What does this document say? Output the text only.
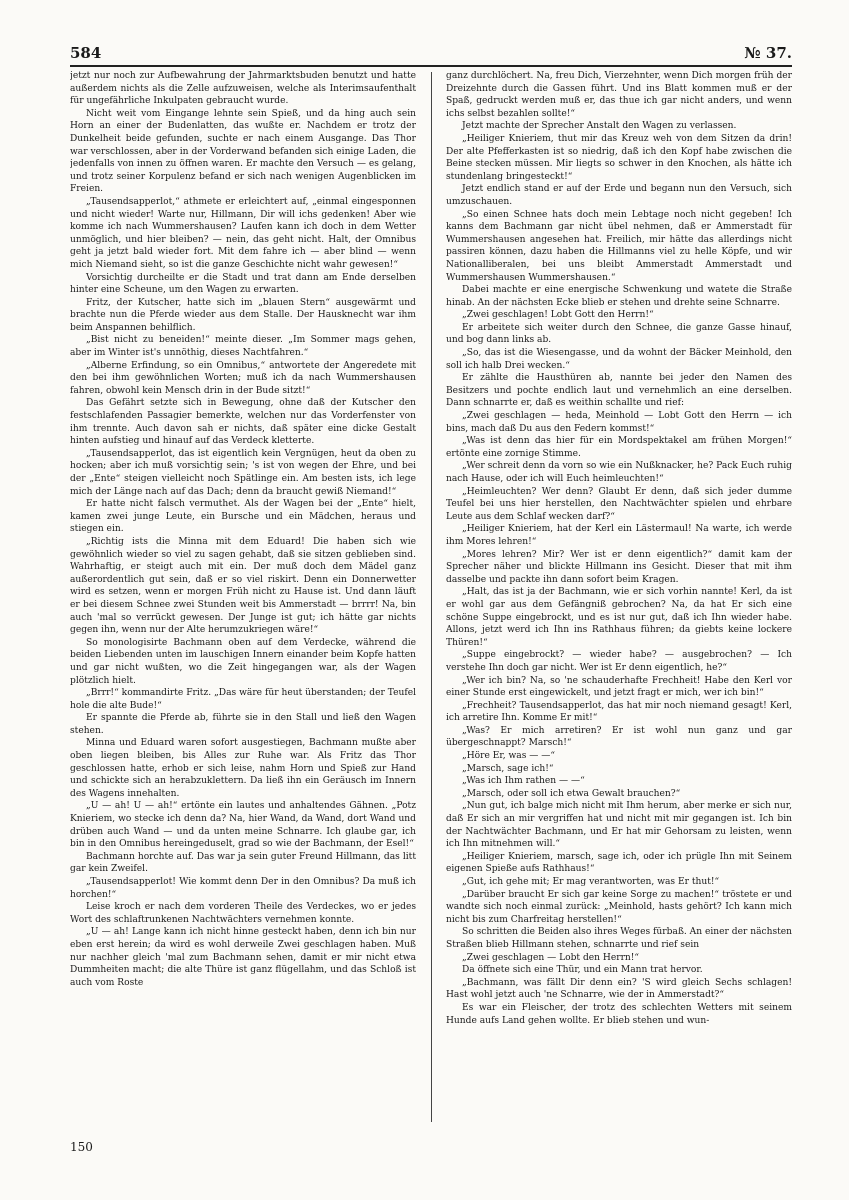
584	№ 37.

jetzt nur noch zur Aufbewahrung der Jahrmarktsbuden benutzt und hatte außerdem nichts als die Zelle aufzuweisen, welche als Interimsaufenthalt für ungefährliche Inkulpaten gebraucht wurde.

Nicht weit vom Eingange lehnte sein Spieß, und da hing auch sein Horn an einer der Budenlatten, das wußte er. Nachdem er trotz der Dunkelheit beide gefunden, suchte er nach einem Ausgange. Das Thor war verschlossen, aber in der Vorderwand befanden sich einige Laden, die jedenfalls von innen zu öffnen waren. Er machte den Versuch — es gelang, und trotz seiner Korpulenz befand er sich nach wenigen Augenblicken im Freien.

„Tausendsapperlot,“ athmete er erleichtert auf, „einmal eingesponnen und nicht wieder! Warte nur, Hillmann, Dir will ichs gedenken! Aber wie komme ich nach Wummershausen? Laufen kann ich doch in dem Wetter unmöglich, und hier bleiben? — nein, das geht nicht. Halt, der Omnibus geht ja jetzt bald wieder fort. Mit dem fahre ich — aber blind — wenn mich Niemand sieht, so ist die ganze Geschichte nicht wahr gewesen!“

Vorsichtig durcheilte er die Stadt und trat dann am Ende derselben hinter eine Scheune, um den Wagen zu erwarten.

Fritz, der Kutscher, hatte sich im „blauen Stern“ ausgewärmt und brachte nun die Pferde wieder aus dem Stalle. Der Hausknecht war ihm beim Anspannen behilflich.

„Bist nicht zu beneiden!“ meinte dieser. „Im Sommer mags gehen, aber im Winter ist's unnöthig, dieses Nachtfahren.“

„Alberne Erfindung, so ein Omnibus,“ antwortete der Angeredete mit den bei ihm gewöhnlichen Worten; muß ich da nach Wummershausen fahren, obwohl kein Mensch drin in der Bude sitzt!“

Das Gefährt setzte sich in Bewegung, ohne daß der Kutscher den festschlafenden Passagier bemerkte, welchen nur das Vorderfenster von ihm trennte. Auch davon sah er nichts, daß später eine dicke Gestalt hinten aufstieg und hinauf auf das Verdeck kletterte.

„Tausendsapperlot, das ist eigentlich kein Vergnügen, heut da oben zu hocken; aber ich muß vorsichtig sein; 's ist von wegen der Ehre, und bei der „Ente“ steigen vielleicht noch Spätlinge ein. Am besten ists, ich lege mich der Länge nach auf das Dach; denn da braucht gewiß Niemand!“

Er hatte nicht falsch vermuthet. Als der Wagen bei der „Ente“ hielt, kamen zwei junge Leute, ein Bursche und ein Mädchen, heraus und stiegen ein.

„Richtig ists die Minna mit dem Eduard! Die haben sich wie gewöhnlich wieder so viel zu sagen gehabt, daß sie sitzen geblieben sind. Wahrhaftig, er steigt auch mit ein. Der muß doch dem Mädel ganz außerordentlich gut sein, daß er so viel riskirt. Denn ein Donnerwetter wird es setzen, wenn er morgen Früh nicht zu Hause ist. Und dann läuft er bei diesem Schnee zwei Stunden weit bis Ammerstadt — brrrr! Na, bin auch 'mal so verrückt gewesen. Der Junge ist gut; ich hätte gar nichts gegen ihn, wenn nur der Alte herumzukriegen wäre!“

So monologisirte Bachmann oben auf dem Verdecke, während die beiden Liebenden unten im lauschigen Innern einander beim Kopfe hatten und gar nicht wußten, wo die Zeit hingegangen war, als der Wagen plötzlich hielt.

„Brrr!“ kommandirte Fritz. „Das wäre für heut überstanden; der Teufel hole die alte Bude!“

Er spannte die Pferde ab, führte sie in den Stall und ließ den Wagen stehen.

Minna und Eduard waren sofort ausgestiegen, Bachmann mußte aber oben liegen bleiben, bis Alles zur Ruhe war. Als Fritz das Thor geschlossen hatte, erhob er sich leise, nahm Horn und Spieß zur Hand und schickte sich an herabzuklettern. Da ließ ihn ein Geräusch im Innern des Wagens innehalten.

„U — ah! U — ah!“ ertönte ein lautes und anhaltendes Gähnen. „Potz Knieriem, wo stecke ich denn da? Na, hier Wand, da Wand, dort Wand und drüben auch Wand — und da unten meine Schnarre. Ich glaube gar, ich bin in den Omnibus hereingeduselt, grad so wie der Bachmann, der Esel!“

Bachmann horchte auf. Das war ja sein guter Freund Hillmann, das litt gar kein Zweifel.

„Tausendsapperlot! Wie kommt denn Der in den Omnibus? Da muß ich horchen!“

Leise kroch er nach dem vorderen Theile des Verdeckes, wo er jedes Wort des schlaftrunkenen Nachtwächters vernehmen konnte.

„U — ah! Lange kann ich nicht hinne gesteckt haben, denn ich bin nur eben erst herein; da wird es wohl derweile Zwei geschlagen haben. Muß nur nachher gleich 'mal zum Bachmann sehen, damit er mir nicht etwa Dummheiten macht; die alte Thüre ist ganz flügellahm, und das Schloß ist auch vom Roste

ganz durchlöchert. Na, freu Dich, Vierzehnter, wenn Dich morgen früh der Dreizehnte durch die Gassen führt. Und ins Blatt kommen muß er der Spaß, gedruckt werden muß er, das thue ich gar nicht anders, und wenn ichs selbst bezahlen sollte!“

Jetzt machte der Sprecher Anstalt den Wagen zu verlassen.

„Heiliger Knieriem, thut mir das Kreuz weh von dem Sitzen da drin! Der alte Pfefferkasten ist so niedrig, daß ich den Kopf habe zwischen die Beine stecken müssen. Mir liegts so schwer in den Knochen, als hätte ich stundenlang bringesteckt!“

Jetzt endlich stand er auf der Erde und begann nun den Versuch, sich umzuschauen.

„So einen Schnee hats doch mein Lebtage noch nicht gegeben! Ich kanns dem Bachmann gar nicht übel nehmen, daß er Ammerstadt für Wummershausen angesehen hat. Freilich, mir hätte das allerdings nicht passiren können, dazu haben die Hillmanns viel zu helle Köpfe, und wir Nationalliberalen, bei uns bleibt Ammerstadt Ammerstadt und Wummershausen Wummershausen.“

Dabei machte er eine energische Schwenkung und watete die Straße hinab. An der nächsten Ecke blieb er stehen und drehte seine Schnarre.

„Zwei geschlagen! Lobt Gott den Herrn!“

Er arbeitete sich weiter durch den Schnee, die ganze Gasse hinauf, und bog dann links ab.

„So, das ist die Wiesengasse, und da wohnt der Bäcker Meinhold, den soll ich halb Drei wecken.“

Er zählte die Hausthüren ab, nannte bei jeder den Namen des Besitzers und pochte endlich laut und vernehmlich an eine derselben. Dann schnarrte er, daß es weithin schallte und rief:

„Zwei geschlagen — heda, Meinhold — Lobt Gott den Herrn — ich bins, mach daß Du aus den Federn kommst!“

„Was ist denn das hier für ein Mordspektakel am frühen Morgen!“ ertönte eine zornige Stimme.

„Wer schreit denn da vorn so wie ein Nußknacker, he? Pack Euch ruhig nach Hause, oder ich will Euch heimleuchten!“

„Heimleuchten? Wer denn? Glaubt Er denn, daß sich jeder dumme Teufel bei uns hier herstellen, den Nachtwächter spielen und ehrbare Leute aus dem Schlaf wecken darf?“

„Heiliger Knieriem, hat der Kerl ein Lästermaul! Na warte, ich werde ihm Mores lehren!“

„Mores lehren? Mir? Wer ist er denn eigentlich?“ damit kam der Sprecher näher und blickte Hillmann ins Gesicht. Dieser that mit ihm dasselbe und packte ihn dann sofort beim Kragen.

„Halt, das ist ja der Bachmann, wie er sich vorhin nannte! Kerl, da ist er wohl gar aus dem Gefängniß gebrochen? Na, da hat Er sich eine schöne Suppe eingebrockt, und es ist nur gut, daß ich Ihn wieder habe. Allons, jetzt werd ich Ihn ins Rathhaus führen; da giebts keine lockere Thüren!“

„Suppe eingebrockt? — wieder habe? — ausgebrochen? — Ich verstehe Ihn doch gar nicht. Wer ist Er denn eigentlich, he?“

„Wer ich bin? Na, so 'ne schauderhafte Frechheit! Habe den Kerl vor einer Stunde erst eingewickelt, und jetzt fragt er mich, wer ich bin!“

„Frechheit? Tausendsapperlot, das hat mir noch niemand gesagt! Kerl, ich arretire Ihn. Komme Er mit!“

„Was? Er mich arretiren? Er ist wohl nun ganz und gar übergeschnappt? Marsch!“

„Höre Er, was — —“

„Marsch, sage ich!“

„Was ich Ihm rathen — —“

„Marsch, oder soll ich etwa Gewalt brauchen?“

„Nun gut, ich balge mich nicht mit Ihm herum, aber merke er sich nur, daß Er sich an mir vergriffen hat und nicht mit mir gegangen ist. Ich bin der Nachtwächter Bachmann, und Er hat mir Gehorsam zu leisten, wenn ich Ihn mitnehmen will.“

„Heiliger Knieriem, marsch, sage ich, oder ich prügle Ihn mit Seinem eigenen Spieße aufs Rathhaus!“

„Gut, ich gehe mit; Er mag verantworten, was Er thut!“

„Darüber braucht Er sich gar keine Sorge zu machen!“ tröstete er und wandte sich noch einmal zurück: „Meinhold, hasts gehört? Ich kann mich nicht bis zum Charfreitag herstellen!“

So schritten die Beiden also ihres Weges fürbaß. An einer der nächsten Straßen blieb Hillmann stehen, schnarrte und rief sein

„Zwei geschlagen — Lobt den Herrn!“

Da öffnete sich eine Thür, und ein Mann trat hervor.

„Bachmann, was fällt Dir denn ein? 'S wird gleich Sechs schlagen! Hast wohl jetzt auch 'ne Schnarre, wie der in Ammerstadt?“

Es war ein Fleischer, der trotz des schlechten Wetters mit seinem Hunde aufs Land gehen wollte. Er blieb stehen und wun-

150
